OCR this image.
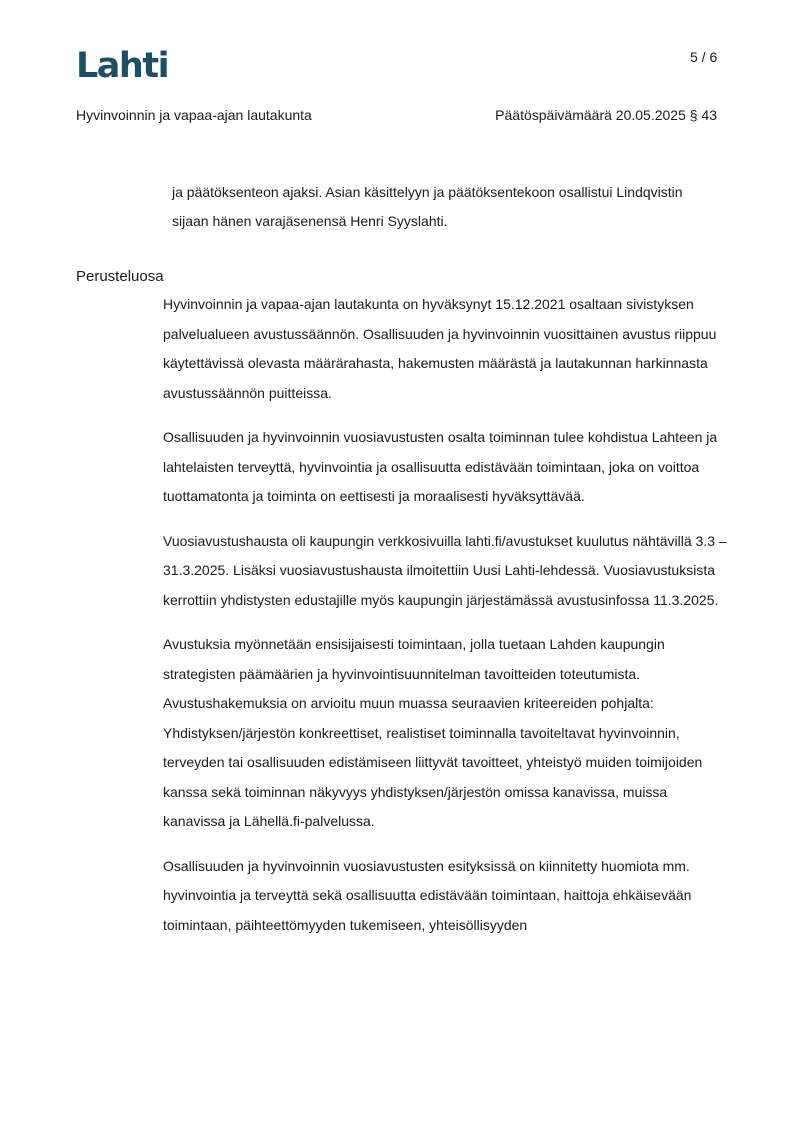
Lahti	5 / 6
Hyvinvoinnin ja vapaa-ajan lautakunta	Päätöspäivämäärä 20.05.2025 § 43

ja päätöksenteon ajaksi. Asian käsittelyyn ja päätöksentekoon osallistui Lindqvistin

sijaan hänen varajäsenensä Henri Syyslahti.

Perusteluosa

Hyvinvoinnin ja vapaa-ajan lautakunta on hyväksynyt 15.12.2021 osaltaan sivistyksen palvelualueen avustussäännön. Osallisuuden ja hyvinvoinnin vuosittainen avustus riippuu käytettävissä olevasta määrärahasta, hakemusten määrästä ja lautakunnan harkinnasta avustussäännön puitteissa.

Osallisuuden ja hyvinvoinnin vuosiavustusten osalta toiminnan tulee kohdistua Lahteen ja lahtelaisten terveyttä, hyvinvointia ja osallisuutta edistävään toimintaan, joka on voittoa tuottamatonta ja toiminta on eettisesti ja moraalisesti hyväksyttävää.

Vuosiavustushausta oli kaupungin verkkosivuilla lahti.fi/avustukset kuulutus nähtävillä 3.3 – 31.3.2025. Lisäksi vuosiavustushausta ilmoitettiin Uusi Lahti-lehdessä. Vuosiavustuksista kerrottiin yhdistysten edustajille myös kaupungin järjestämässä avustusinfossa 11.3.2025.

Avustuksia myönnetään ensisijaisesti toimintaan, jolla tuetaan Lahden kaupungin strategisten päämäärien ja hyvinvointisuunnitelman tavoitteiden toteutumista. Avustushakemuksia on arvioitu muun muassa seuraavien kriteereiden pohjalta: Yhdistyksen/järjestön konkreettiset, realistiset toiminnalla tavoiteltavat hyvinvoinnin, terveyden tai osallisuuden edistämiseen liittyvät tavoitteet, yhteistyö muiden toimijoiden kanssa sekä toiminnan näkyvyys yhdistyksen/järjestön omissa kanavissa, muissa kanavissa ja Lähellä.fi-palvelussa.

Osallisuuden ja hyvinvoinnin vuosiavustusten esityksissä on kiinnitetty huomiota mm. hyvinvointia ja terveyttä sekä osallisuutta edistävään toimintaan, haittoja ehkäisevään toimintaan, päihteettömyyden tukemiseen, yhteisöllisyyden
